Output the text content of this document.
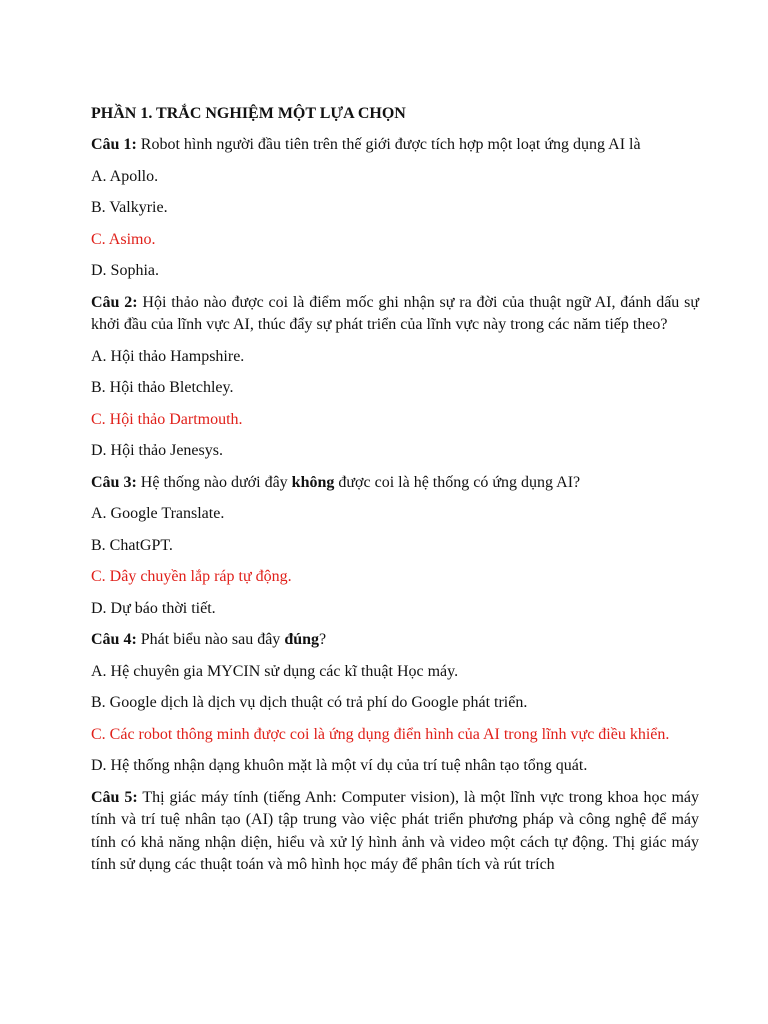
PHẦN 1. TRẮC NGHIỆM MỘT LỰA CHỌN

Câu 1: Robot hình người đầu tiên trên thế giới được tích hợp một loạt ứng dụng AI là

A. Apollo.

B. Valkyrie.

C. Asimo.

D. Sophia.

Câu 2: Hội thảo nào được coi là điểm mốc ghi nhận sự ra đời của thuật ngữ AI, đánh dấu sự khởi đầu của lĩnh vực AI, thúc đẩy sự phát triển của lĩnh vực này trong các năm tiếp theo?

A. Hội thảo Hampshire.

B. Hội thảo Bletchley.

C. Hội thảo Dartmouth.

D. Hội thảo Jenesys.

Câu 3: Hệ thống nào dưới đây không được coi là hệ thống có ứng dụng AI?

A. Google Translate.

B. ChatGPT.

C. Dây chuyền lắp ráp tự động.

D. Dự báo thời tiết.

Câu 4: Phát biểu nào sau đây đúng?

A. Hệ chuyên gia MYCIN sử dụng các kĩ thuật Học máy.

B. Google dịch là dịch vụ dịch thuật có trả phí do Google phát triển.

C. Các robot thông minh được coi là ứng dụng điển hình của AI trong lĩnh vực điều khiển.

D. Hệ thống nhận dạng khuôn mặt là một ví dụ của trí tuệ nhân tạo tổng quát.

Câu 5: Thị giác máy tính (tiếng Anh: Computer vision), là một lĩnh vực trong khoa học máy tính và trí tuệ nhân tạo (AI) tập trung vào việc phát triển phương pháp và công nghệ để máy tính có khả năng nhận diện, hiểu và xử lý hình ảnh và video một cách tự động. Thị giác máy tính sử dụng các thuật toán và mô hình học máy để phân tích và rút trích
